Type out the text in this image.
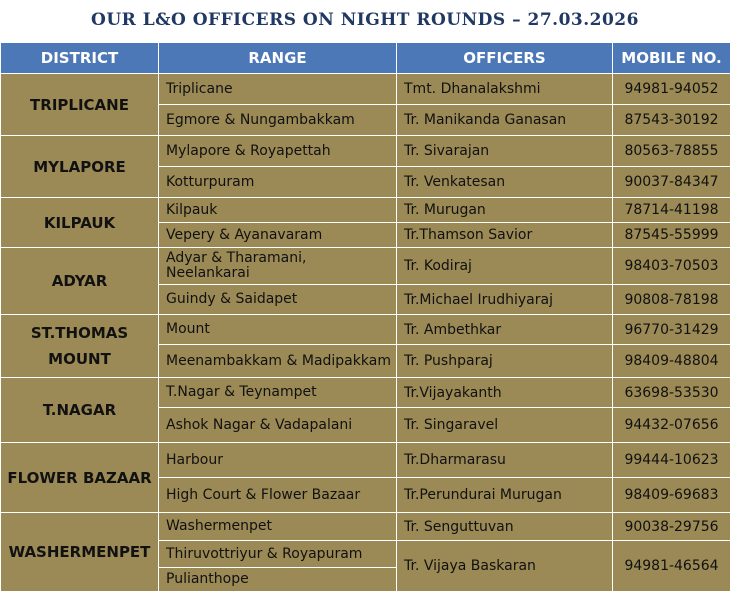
OUR L&O OFFICERS ON NIGHT ROUNDS – 27.03.2026
DISTRICT	RANGE	OFFICERS	MOBILE NO.
TRIPLICANE	Triplicane	Tmt. Dhanalakshmi	94981-94052
	Egmore & Nungambakkam	Tr. Manikanda Ganasan	87543-30192
MYLAPORE	Mylapore & Royapettah	Tr. Sivarajan	80563-78855
	Kotturpuram	Tr. Venkatesan	90037-84347
KILPAUK	Kilpauk	Tr. Murugan	78714-41198
	Vepery & Ayanavaram	Tr.Thamson Savior	87545-55999
ADYAR	Adyar & Tharamani, Neelankarai	Tr. Kodiraj	98403-70503
	Guindy & Saidapet	Tr.Michael Irudhiyaraj	90808-78198
ST.THOMAS MOUNT	Mount	Tr. Ambethkar	96770-31429
	Meenambakkam & Madipakkam	Tr. Pushparaj	98409-48804
T.NAGAR	T.Nagar & Teynampet	Tr.Vijayakanth	63698-53530
	Ashok Nagar & Vadapalani	Tr. Singaravel	94432-07656
FLOWER BAZAAR	Harbour	Tr.Dharmarasu	99444-10623
	High Court & Flower Bazaar	Tr.Perundurai Murugan	98409-69683
WASHERMENPET	Washermenpet	Tr. Senguttuvan	90038-29756
	Thiruvottriyur & Royapuram	Tr. Vijaya Baskaran	94981-46564
	Pulianthope		
